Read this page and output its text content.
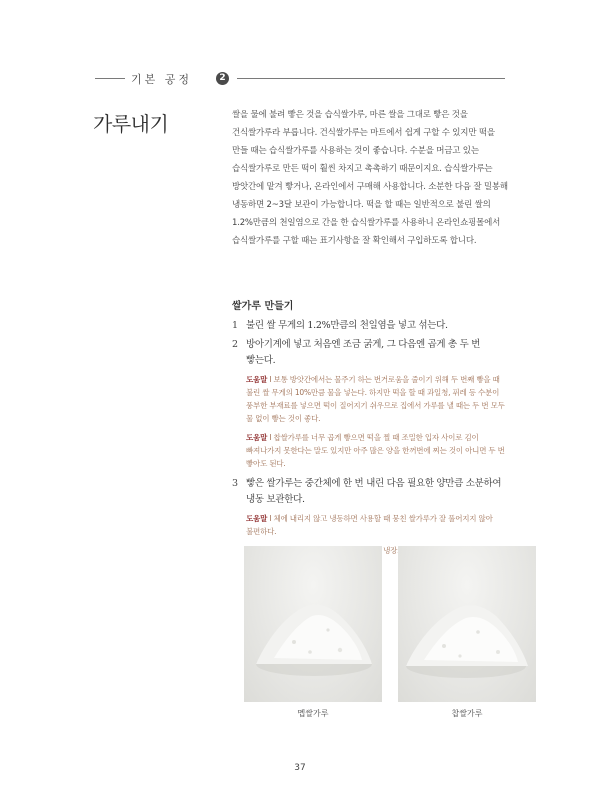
기본 공정	2
가루내기	쌀을 물에 불려 빻은 것을 습식쌀가루, 마른 쌀을 그대로 빻은 것을 건식쌀가루라 부릅니다. 건식쌀가루는 마트에서 쉽게 구할 수 있지만 떡을 만들 때는 습식쌀가루를 사용하는 것이 좋습니다. 수분을 머금고 있는 습식쌀가루로 만든 떡이 훨씬 차지고 촉촉하기 때문이지요. 습식쌀가루는 방앗간에 맡겨 빻거나, 온라인에서 구매해 사용합니다. 소분한 다음 잘 밀봉해 냉동하면 2~3달 보관이 가능합니다. 떡을 할 때는 일반적으로 불린 쌀의 1.2%만큼의 천일염으로 간을 한 습식쌀가루를 사용하니 온라인쇼핑몰에서 습식쌀가루를 구할 때는 표기사항을 잘 확인해서 구입하도록 합니다.

쌀가루 만들기
1 불린 쌀 무게의 1.2%만큼의 천일염을 넣고 섞는다.
2 방아기계에 넣고 처음엔 조금 굵게, 그 다음엔 곱게 총 두 번 빻는다.

도움말 I 보통 방앗간에서는 물주기 하는 번거로움을 줄이기 위해 두 번째 빻을 때 불린 쌀 무게의 10%만큼 물을 넣는다. 하지만 떡을 할 때 과일청, 퓌레 등 수분이 풍부한 부재료를 넣으면 떡이 질어지기 쉬우므로 집에서 가루를 낼 때는 두 번 모두 물 없이 빻는 것이 좋다.

도움말 I 찹쌀가루를 너무 곱게 빻으면 떡을 찔 때 조밀한 입자 사이로 김이 빠져나가지 못한다는 말도 있지만 아주 많은 양을 한꺼번에 찌는 것이 아니면 두 번 빻아도 된다.

3 빻은 쌀가루는 중간체에 한 번 내린 다음 필요한 양만큼 소분하여 냉동 보관한다.

도움말 I 체에 내리지 않고 냉동하면 사용할 때 뭉친 쌀가루가 잘 풀어지지 않아 불편하다.

멥쌀가루	찹쌀가루
37
